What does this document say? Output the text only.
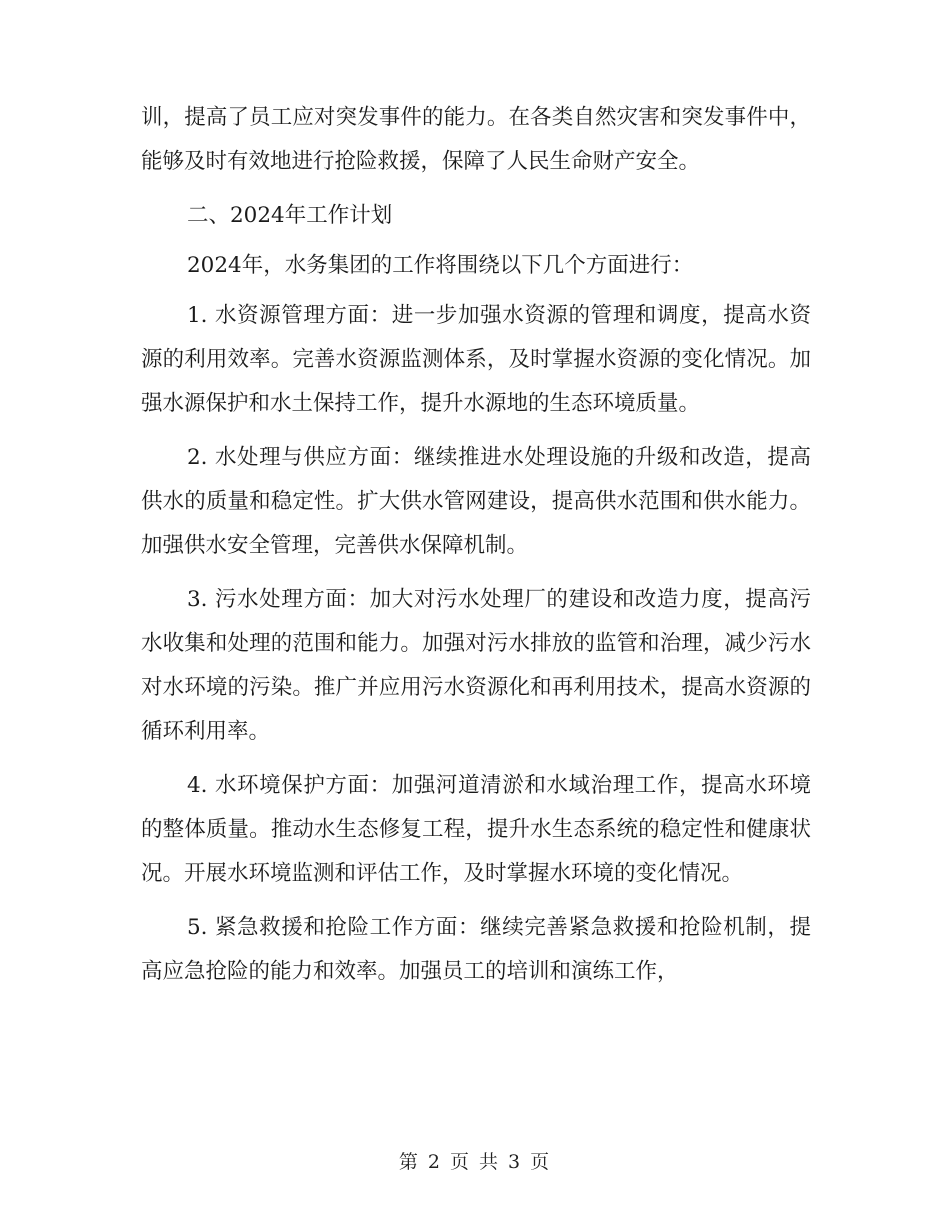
训，提高了员工应对突发事件的能力。在各类自然灾害和突发事件中，能够及时有效地进行抢险救援，保障了人民生命财产安全。

二、2024年工作计划

2024年，水务集团的工作将围绕以下几个方面进行：

1. 水资源管理方面：进一步加强水资源的管理和调度，提高水资源的利用效率。完善水资源监测体系，及时掌握水资源的变化情况。加强水源保护和水土保持工作，提升水源地的生态环境质量。

2. 水处理与供应方面：继续推进水处理设施的升级和改造，提高供水的质量和稳定性。扩大供水管网建设，提高供水范围和供水能力。加强供水安全管理，完善供水保障机制。

3. 污水处理方面：加大对污水处理厂的建设和改造力度，提高污水收集和处理的范围和能力。加强对污水排放的监管和治理，减少污水对水环境的污染。推广并应用污水资源化和再利用技术，提高水资源的循环利用率。

4. 水环境保护方面：加强河道清淤和水域治理工作，提高水环境的整体质量。推动水生态修复工程，提升水生态系统的稳定性和健康状况。开展水环境监测和评估工作，及时掌握水环境的变化情况。

5. 紧急救援和抢险工作方面：继续完善紧急救援和抢险机制，提高应急抢险的能力和效率。加强员工的培训和演练工作，

第 2 页 共 3 页
